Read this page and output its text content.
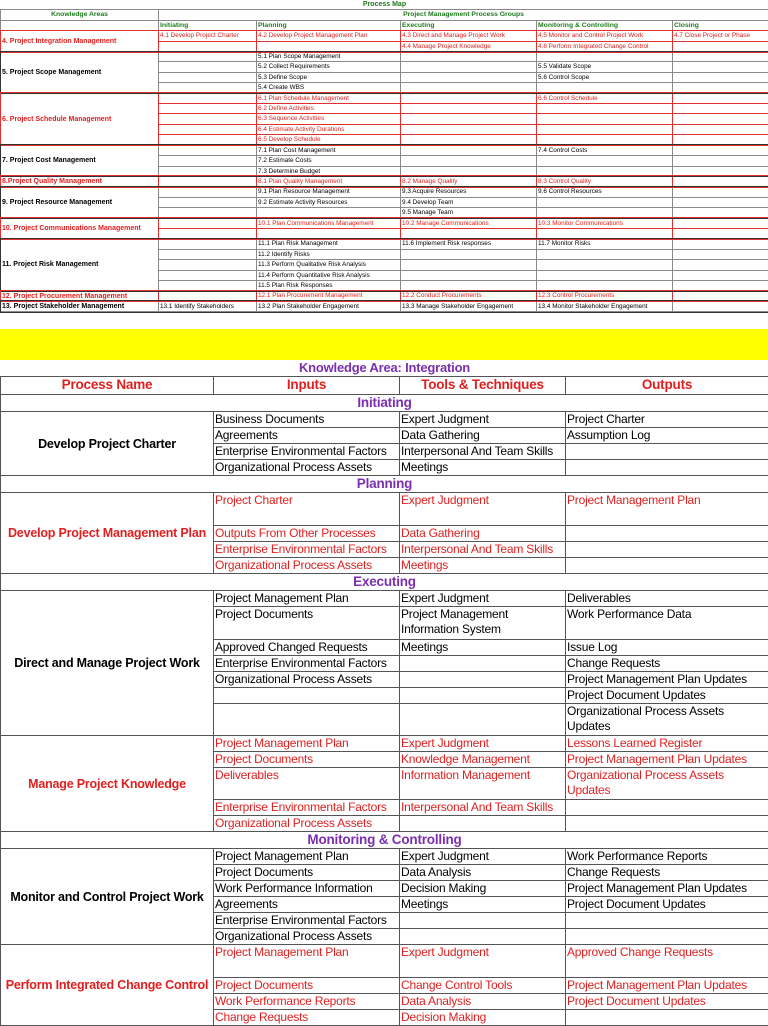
Process Map					
Knowledge Areas	Project Management Process Groups				
	Initiating	Planning	Executing	Monitoring & Controlling	Closing
4. Project Integration Management	4.1 Develop Project Charter	4.2 Develop Project Management Plan	4.3 Direct and Manage Project Work	4.5 Monitor and Control Project Work	4.7 Close Project or Phase
			4.4 Manage Project Knowledge	4.6 Perform Integrated Change Control	
5. Project Scope Management		5.1 Plan Scope Management			
		5.2 Collect Requirements		5.5 Validate Scope	
		5.3 Define Scope		5.6 Control Scope	
		5.4 Create WBS			
6. Project Schedule Management		6.1 Plan Schedule Management		6.6 Control Schedule	
		6.2 Define Activities			
		6.3 Sequence Activities			
		6.4 Estimate Activity Durations			
		6.5 Develop Schedule			
7. Project Cost Management		7.1 Plan Cost Management		7.4 Control Costs	
		7.2 Estimate Costs			
		7.3 Determine Budget			
8.Project Quality Management		8.1 Plan Quality Management	8.2 Manage Quality	8.3 Control Quality	
9. Project Resource Management		9.1 Plan Resource Management	9.3 Acquire Resources	9.6 Control Resources	
		9.2 Estimate Activity Resources	9.4 Develop Team		
			9.5 Manage Team		
10. Project Communications Management		10.1 Plan Communications Management	10.2 Manage Communications	10.3 Monitor Communications	

11. Project Risk Management		11.1 Plan Risk Management	11.6 Implement Risk responses	11.7 Monitor Risks	
		11.2 Identify Risks			
		11.3 Perform Qualitative Risk Analysis			
		11.4 Perform Quantitative Risk Analysis			
		11.5 Plan Risk Responses			
12. Project Procurement Management		12.1 Plan Procurement Management	12.2 Conduct Procurements	12.3 Control Procurements	
13. Project Stakeholder Management	13.1 Identify Stakeholders	13.2 Plan Stakeholder Engagement	13.3 Manage Stakeholder Engagement	13.4 Monitor Stakeholder Engagement	
Knowledge Area: Integration			
Process Name	Inputs	Tools & Techniques	Outputs
Initiating			
Develop Project Charter	Business Documents	Expert Judgment	Project Charter
	Agreements	Data Gathering	Assumption Log
	Enterprise Environmental Factors	Interpersonal And Team Skills	
	Organizational Process Assets	Meetings	
Planning			
Develop Project Management Plan	Project Charter	Expert Judgment	Project Management Plan
	Outputs From Other Processes	Data Gathering	
	Enterprise Environmental Factors	Interpersonal And Team Skills	
	Organizational Process Assets	Meetings	
Executing			
Direct and Manage Project Work	Project Management Plan	Expert Judgment	Deliverables
	Project Documents	Project Management Information System	Work Performance Data
	Approved Changed Requests	Meetings	Issue Log
	Enterprise Environmental Factors		Change Requests
	Organizational Process Assets		Project Management Plan Updates
			Project Document Updates
			Organizational Process Assets Updates
Manage Project Knowledge	Project Management Plan	Expert Judgment	Lessons Learned Register
	Project Documents	Knowledge Management	Project Management Plan Updates
	Deliverables	Information Management	Organizational Process Assets Updates
	Enterprise Environmental Factors	Interpersonal And Team Skills	
	Organizational Process Assets		
Monitoring & Controlling			
Monitor and Control Project Work	Project Management Plan	Expert Judgment	Work Performance Reports
	Project Documents	Data Analysis	Change Requests
	Work Performance Information	Decision Making	Project Management Plan Updates
	Agreements	Meetings	Project Document Updates
	Enterprise Environmental Factors		
	Organizational Process Assets		
Perform Integrated Change Control	Project Management Plan	Expert Judgment	Approved Change Requests
	Project Documents	Change Control Tools	Project Management Plan Updates
	Work Performance Reports	Data Analysis	Project Document Updates
	Change Requests	Decision Making	
